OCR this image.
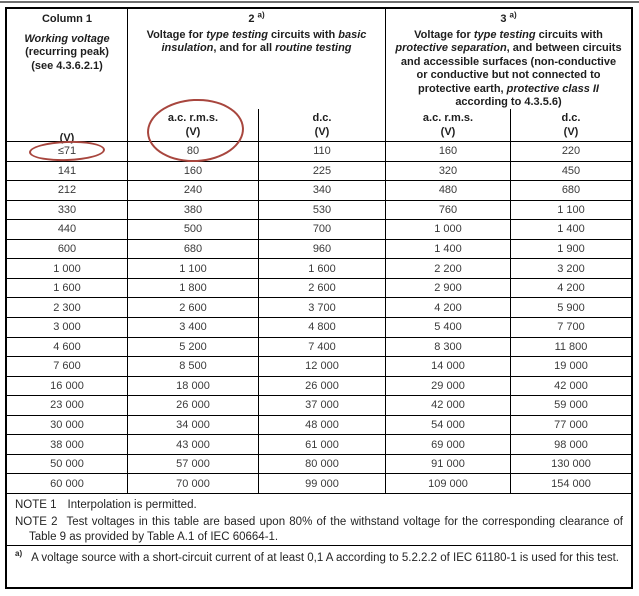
Column 1
Working voltage
(recurring peak)
(see 4.3.6.2.1)
(V)
2 $^{a)}$
Voltage for type testing circuits with basic insulation, and for all routine testing
a.c. r.m.s.
(V)
d.c.
(V)
3 $^{a)}$
Voltage for type testing circuits with protective separation, and between circuits and accessible surfaces (non-conductive or conductive but not connected to protective earth, protective class II according to 4.3.5.6)
a.c. r.m.s.
(V)
d.c.
(V)
≤71	80	110	160	220
141	160	225	320	450
212	240	340	480	680
330	380	530	760	1 100
440	500	700	1 000	1 400
600	680	960	1 400	1 900
1 000	1 100	1 600	2 200	3 200
1 600	1 800	2 600	2 900	4 200
2 300	2 600	3 700	4 200	5 900
3 000	3 400	4 800	5 400	7 700
4 600	5 200	7 400	8 300	11 800
7 600	8 500	12 000	14 000	19 000
16 000	18 000	26 000	29 000	42 000
23 000	26 000	37 000	42 000	59 000
30 000	34 000	48 000	54 000	77 000
38 000	43 000	61 000	69 000	98 000
50 000	57 000	80 000	91 000	130 000
60 000	70 000	99 000	109 000	154 000
NOTE 1 Interpolation is permitted.
NOTE 2 Test voltages in this table are based upon 80% of the withstand voltage for the corresponding clearance of Table 9 as provided by Table A.1 of IEC 60664-1.
$^{a)}$ A voltage source with a short-circuit current of at least 0,1 A according to 5.2.2.2 of IEC 61180-1 is used for this test.
